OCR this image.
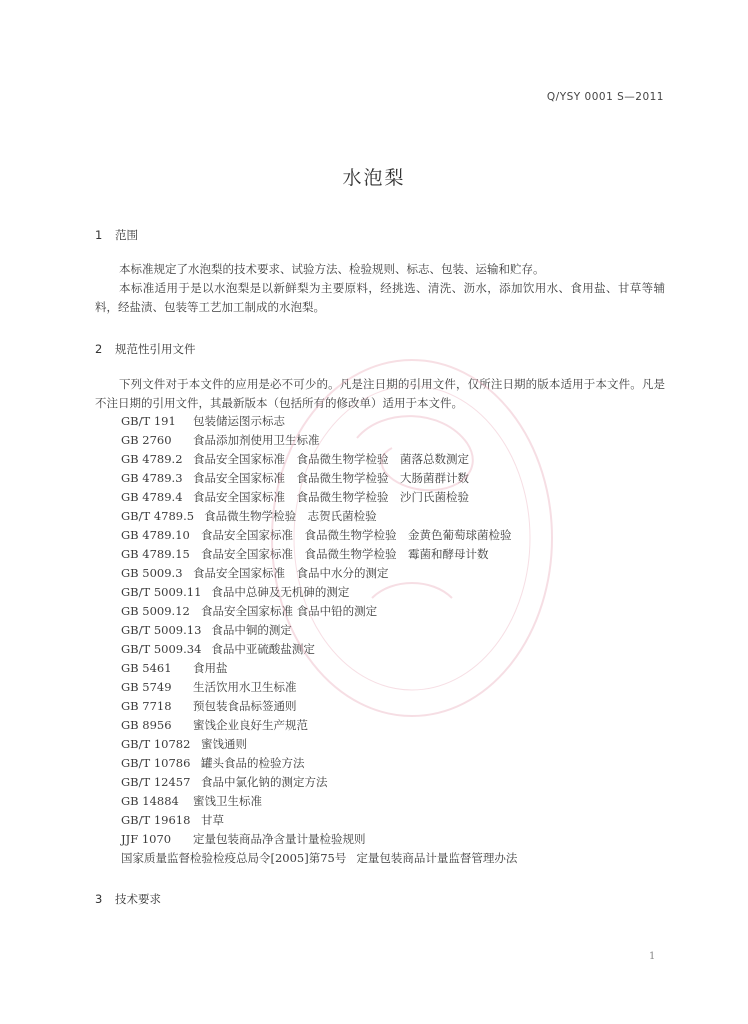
Q/YSY 0001 S—2011
水泡梨
1 范围
本标准规定了水泡梨的技术要求、试验方法、检验规则、标志、包装、运输和贮存。
本标准适用于是以水泡梨是以新鲜梨为主要原料，经挑选、清洗、沥水，添加饮用水、食用盐、甘草等辅料，经盐渍、包装等工艺加工制成的水泡梨。
2 规范性引用文件
下列文件对于本文件的应用是必不可少的。凡是注日期的引用文件，仅所注日期的版本适用于本文件。凡是不注日期的引用文件，其最新版本（包括所有的修改单）适用于本文件。
GB/T 191 包装储运图示标志
GB 2760 食品添加剂使用卫生标准
GB 4789.2 食品安全国家标准　食品微生物学检验　菌落总数测定
GB 4789.3 食品安全国家标准　食品微生物学检验　大肠菌群计数
GB 4789.4 食品安全国家标准　食品微生物学检验　沙门氏菌检验
GB/T 4789.5 食品微生物学检验　志贺氏菌检验
GB 4789.10 食品安全国家标准　食品微生物学检验　金黄色葡萄球菌检验
GB 4789.15 食品安全国家标准　食品微生物学检验　霉菌和酵母计数
GB 5009.3 食品安全国家标准　食品中水分的测定
GB/T 5009.11 食品中总砷及无机砷的测定
GB 5009.12 食品安全国家标准 食品中铅的测定
GB/T 5009.13 食品中铜的测定
GB/T 5009.34 食品中亚硫酸盐测定
GB 5461 食用盐
GB 5749 生活饮用水卫生标准
GB 7718 预包装食品标签通则
GB 8956 蜜饯企业良好生产规范
GB/T 10782 蜜饯通则
GB/T 10786 罐头食品的检验方法
GB/T 12457 食品中氯化钠的测定方法
GB 14884 蜜饯卫生标准
GB/T 19618 甘草
JJF 1070 定量包装商品净含量计量检验规则
国家质量监督检验检疫总局令[2005]第75号 定量包装商品计量监督管理办法
3 技术要求
1
